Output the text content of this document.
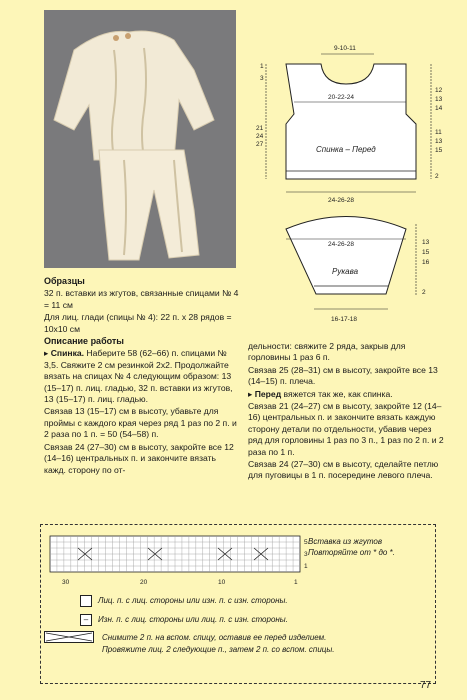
9-10-11
20-22-24
24-26-28
Спинка – Перед
1
3
21
24
27
12
13
14
11
13
15
2
24-26-28
16-17-18
Рукава
13
15
16
2

Образцы

32 п. вставки из жгутов, связанные спицами № 4 = 11 см

Для лиц. глади (спицы № 4): 22 п. х 28 рядов = 10х10 см

Описание работы

▸ Спинка. Наберите 58 (62–66) п. спицами № 3,5. Свяжите 2 см резинкой 2х2. Продолжайте вязать на спицах № 4 следующим образом: 13 (15–17) п. лиц. гладью, 32 п. вставки из жгутов, 13 (15–17) п. лиц. гладью.

Связав 13 (15–17) см в высоту, убавьте для проймы с каждого края через ряд 1 раз по 2 п. и 2 раза по 1 п. = 50 (54–58) п.

Связав 24 (27–30) см в высоту, закройте все 12 (14–16) центральных п. и закончите вязать кажд. сторону по от-

дельности: свяжите 2 ряда, закрыв для горловины 1 раз 6 п.

Связав 25 (28–31) см в высоту, закройте все 13 (14–15) п. плеча.

▸ Перед вяжется так же, как спинка.

Связав 21 (24–27) см в высоту, закройте 12 (14–16) центральных п. и закончите вязать каждую сторону детали по отдельности, убавив через ряд для горловины 1 раз по 3 п., 1 раз по 2 п. и 2 раза по 1 п.

Связав 24 (27–30) см в высоту, сделайте петлю для пуговицы в 1 п. посередине левого плеча.

5
3
1
30	20	10	1
Вставка из жгутов
Повторяйте от * до *.
Лиц. п. с лиц. стороны или изн. п. с изн. стороны.
– Изн. п. с лиц. стороны или лиц. п. с изн. стороны.
Снимите 2 п. на вспом. спицу, оставив ее перед изделием.
Провяжите лиц. 2 следующие п., затем 2 п. со вспом. спицы.
77
